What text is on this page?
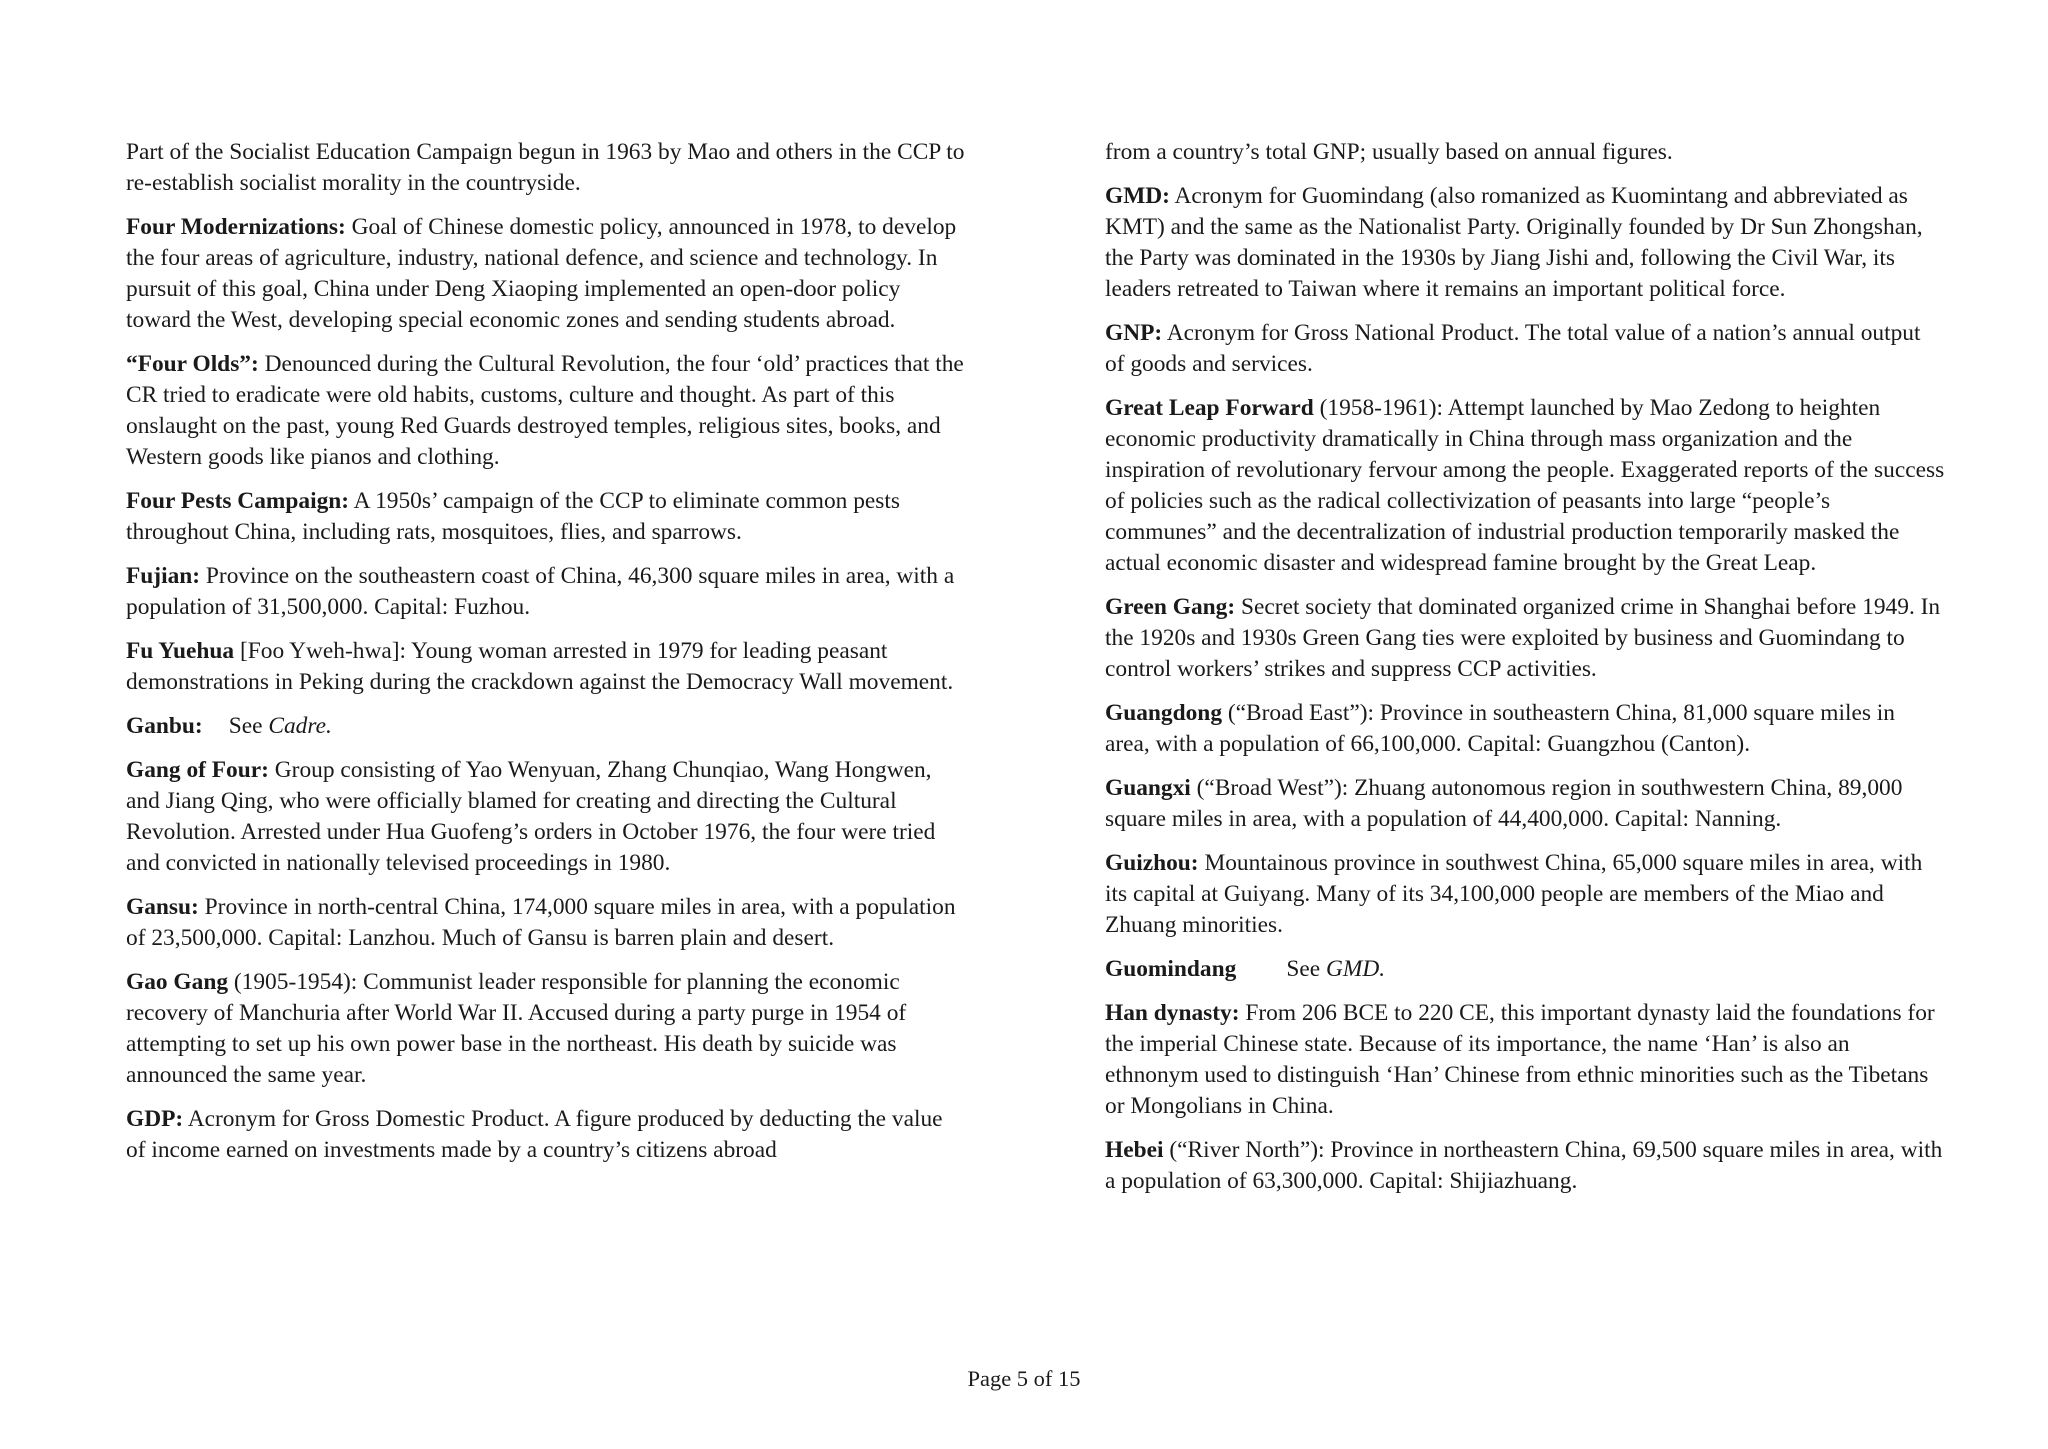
Part of the Socialist Education Campaign begun in 1963 by Mao and others in the CCP to re-establish socialist morality in the countryside.

Four Modernizations: Goal of Chinese domestic policy, announced in 1978, to develop the four areas of agriculture, industry, national defence, and science and technology. In pursuit of this goal, China under Deng Xiaoping implemented an open-door policy toward the West, developing special economic zones and sending students abroad.

“Four Olds”: Denounced during the Cultural Revolution, the four ‘old’ practices that the CR tried to eradicate were old habits, customs, culture and thought. As part of this onslaught on the past, young Red Guards destroyed temples, religious sites, books, and Western goods like pianos and clothing.

Four Pests Campaign: A 1950s’ campaign of the CCP to eliminate common pests throughout China, including rats, mosquitoes, flies, and sparrows.

Fujian: Province on the southeastern coast of China, 46,300 square miles in area, with a population of 31,500,000. Capital: Fuzhou.

Fu Yuehua [Foo Yweh-hwa]: Young woman arrested in 1979 for leading peasant demonstrations in Peking during the crackdown against the Democracy Wall movement.

Ganbu: See Cadre.

Gang of Four: Group consisting of Yao Wenyuan, Zhang Chunqiao, Wang Hongwen, and Jiang Qing, who were officially blamed for creating and directing the Cultural Revolution. Arrested under Hua Guofeng’s orders in October 1976, the four were tried and convicted in nationally televised proceedings in 1980.

Gansu: Province in north-central China, 174,000 square miles in area, with a population of 23,500,000. Capital: Lanzhou. Much of Gansu is barren plain and desert.

Gao Gang (1905-1954): Communist leader responsible for planning the economic recovery of Manchuria after World War II. Accused during a party purge in 1954 of attempting to set up his own power base in the northeast. His death by suicide was announced the same year.

GDP: Acronym for Gross Domestic Product. A figure produced by deducting the value of income earned on investments made by a country’s citizens abroad

from a country’s total GNP; usually based on annual figures.

GMD: Acronym for Guomindang (also romanized as Kuomintang and abbreviated as KMT) and the same as the Nationalist Party. Originally founded by Dr Sun Zhongshan, the Party was dominated in the 1930s by Jiang Jishi and, following the Civil War, its leaders retreated to Taiwan where it remains an important political force.

GNP: Acronym for Gross National Product. The total value of a nation’s annual output of goods and services.

Great Leap Forward (1958-1961): Attempt launched by Mao Zedong to heighten economic productivity dramatically in China through mass organization and the inspiration of revolutionary fervour among the people. Exaggerated reports of the success of policies such as the radical collectivization of peasants into large “people’s communes” and the decentralization of industrial production temporarily masked the actual economic disaster and widespread famine brought by the Great Leap.

Green Gang: Secret society that dominated organized crime in Shanghai before 1949. In the 1920s and 1930s Green Gang ties were exploited by business and Guomindang to control workers’ strikes and suppress CCP activities.

Guangdong (“Broad East”): Province in southeastern China, 81,000 square miles in area, with a population of 66,100,000. Capital: Guangzhou (Canton).

Guangxi (“Broad West”): Zhuang autonomous region in southwestern China, 89,000 square miles in area, with a population of 44,400,000. Capital: Nanning.

Guizhou: Mountainous province in southwest China, 65,000 square miles in area, with its capital at Guiyang. Many of its 34,100,000 people are members of the Miao and Zhuang minorities.

Guomindang See GMD.

Han dynasty: From 206 BCE to 220 CE, this important dynasty laid the foundations for the imperial Chinese state. Because of its importance, the name ‘Han’ is also an ethnonym used to distinguish ‘Han’ Chinese from ethnic minorities such as the Tibetans or Mongolians in China.

Hebei (“River North”): Province in northeastern China, 69,500 square miles in area, with a population of 63,300,000. Capital: Shijiazhuang.

Page 5 of 15
